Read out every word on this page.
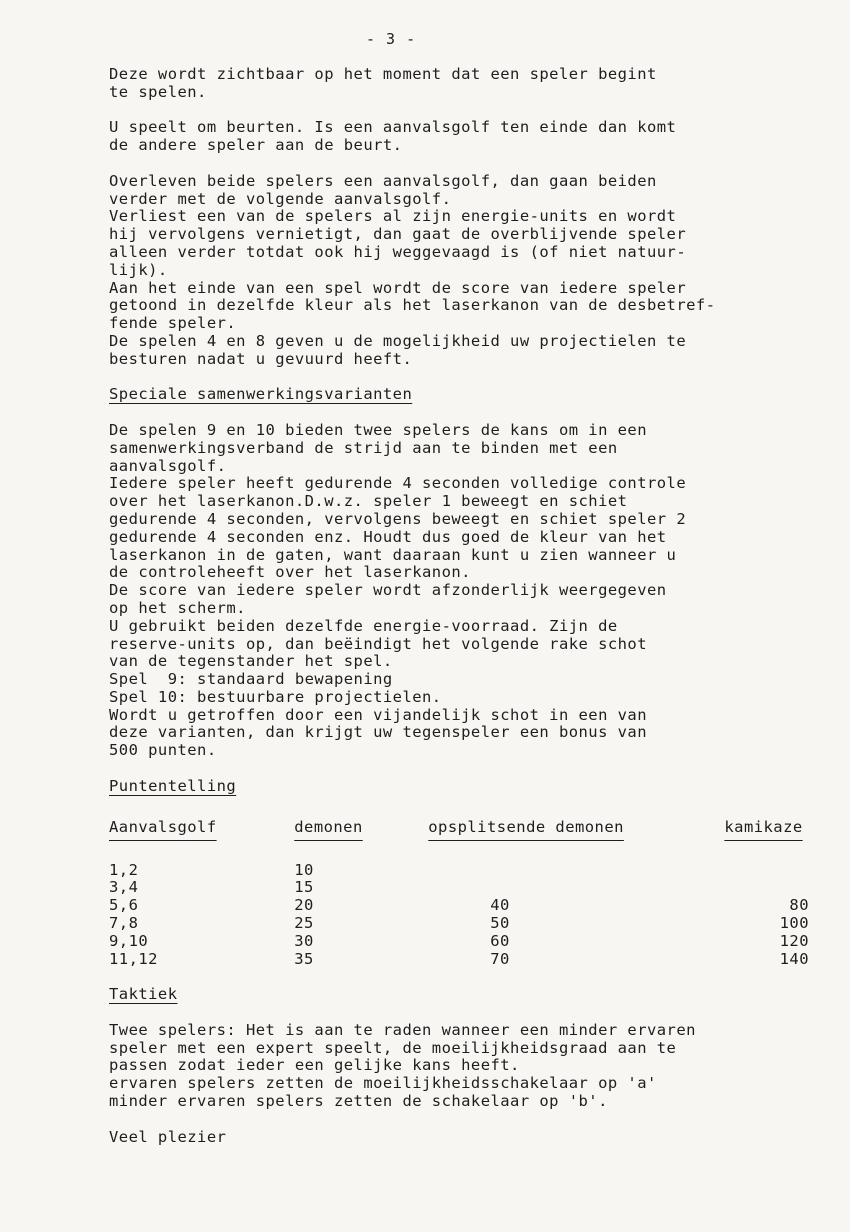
- 3 -
Deze wordt zichtbaar op het moment dat een speler begint
te spelen.
U speelt om beurten. Is een aanvalsgolf ten einde dan komt
de andere speler aan de beurt.
Overleven beide spelers een aanvalsgolf, dan gaan beiden
verder met de volgende aanvalsgolf.
Verliest een van de spelers al zijn energie-units en wordt
hij vervolgens vernietigt, dan gaat de overblijvende speler
alleen verder totdat ook hij weggevaagd is (of niet natuur-
lijk).
Aan het einde van een spel wordt de score van iedere speler
getoond in dezelfde kleur als het laserkanon van de desbetref-
fende speler.
De spelen 4 en 8 geven u de mogelijkheid uw projectielen te
besturen nadat u gevuurd heeft.
Speciale samenwerkingsvarianten
De spelen 9 en 10 bieden twee spelers de kans om in een
samenwerkingsverband de strijd aan te binden met een
aanvalsgolf.
Iedere speler heeft gedurende 4 seconden volledige controle
over het laserkanon.D.w.z. speler 1 beweegt en schiet
gedurende 4 seconden, vervolgens beweegt en schiet speler 2
gedurende 4 seconden enz. Houdt dus goed de kleur van het
laserkanon in de gaten, want daaraan kunt u zien wanneer u
de controleheeft over het laserkanon.
De score van iedere speler wordt afzonderlijk weergegeven
op het scherm.
U gebruikt beiden dezelfde energie-voorraad. Zijn de
reserve-units op, dan beëindigt het volgende rake schot
van de tegenstander het spel.
Spel  9: standaard bewapening
Spel 10: bestuurbare projectielen.
Wordt u getroffen door een vijandelijk schot in een van
deze varianten, dan krijgt uw tegenspeler een bonus van
500 punten.
Puntentelling
Aanvalsgolf	demonen	opsplitsende demonen	kamikaze

1,2	10		
3,4	15		
5,6	20	40	80
7,8	25	50	100
9,10	30	60	120
11,12	35	70	140
Taktiek
Twee spelers: Het is aan te raden wanneer een minder ervaren
speler met een expert speelt, de moeilijkheidsgraad aan te
passen zodat ieder een gelijke kans heeft.
ervaren spelers zetten de moeilijkheidsschakelaar op 'a'
minder ervaren spelers zetten de schakelaar op 'b'.
Veel plezier
